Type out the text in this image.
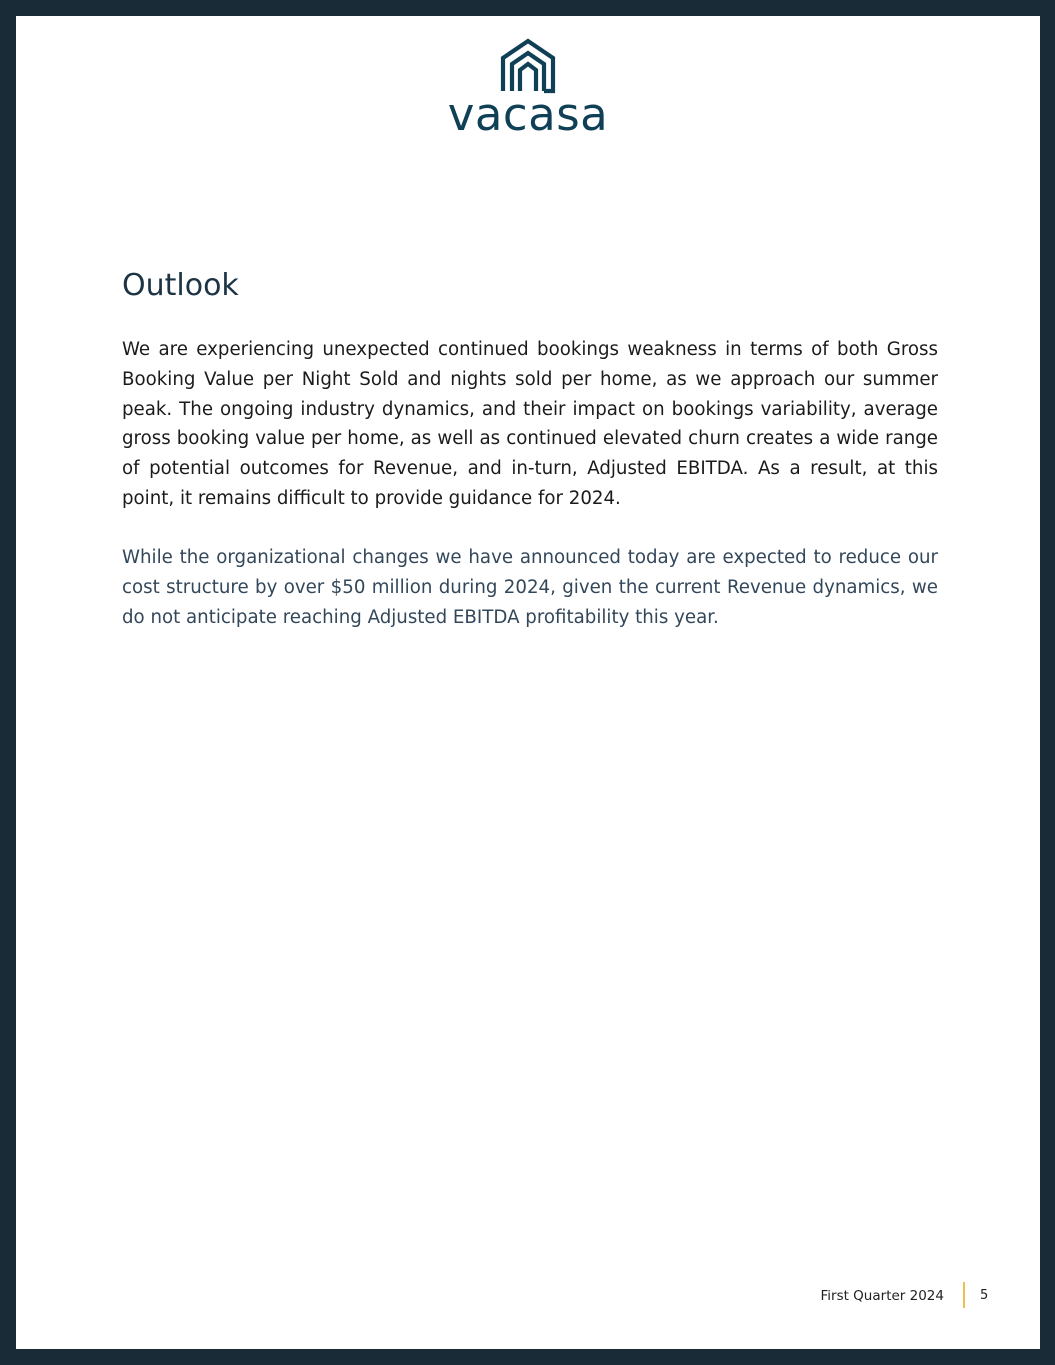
vacasa
Outlook

We are experiencing unexpected continued bookings weakness in terms of both Gross Booking Value per Night Sold and nights sold per home, as we approach our summer peak. The ongoing industry dynamics, and their impact on bookings variability, average gross booking value per home, as well as continued elevated churn creates a wide range of potential outcomes for Revenue, and in-turn, Adjusted EBITDA. As a result, at this point, it remains difficult to provide guidance for 2024.

While the organizational changes we have announced today are expected to reduce our cost structure by over $50 million during 2024, given the current Revenue dynamics, we do not anticipate reaching Adjusted EBITDA profitability this year.

First Quarter 2024	5
